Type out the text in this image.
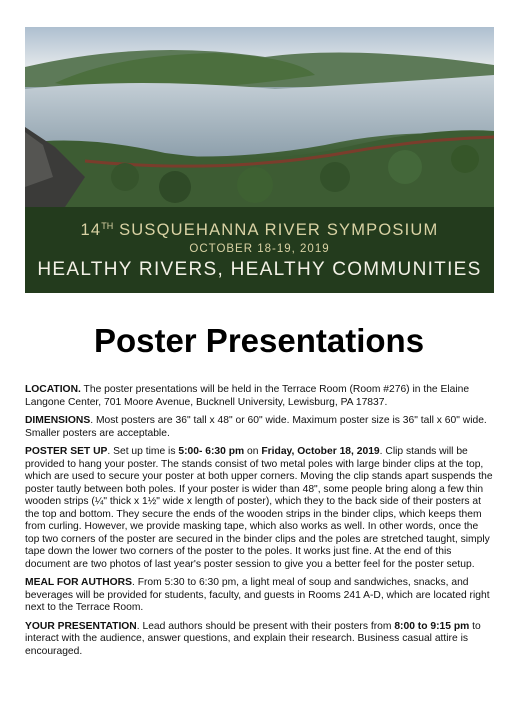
14TH SUSQUEHANNA RIVER SYMPOSIUM
OCTOBER 18-19, 2019
HEALTHY RIVERS, HEALTHY COMMUNITIES
Poster Presentations

LOCATION. The poster presentations will be held in the Terrace Room (Room #276) in the Elaine Langone Center, 701 Moore Avenue, Bucknell University, Lewisburg, PA 17837.

DIMENSIONS. Most posters are 36" tall x 48" or 60" wide. Maximum poster size is 36" tall x 60" wide. Smaller posters are acceptable.

POSTER SET UP. Set up time is 5:00- 6:30 pm on Friday, October 18, 2019. Clip stands will be provided to hang your poster. The stands consist of two metal poles with large binder clips at the top, which are used to secure your poster at both upper corners. Moving the clip stands apart suspends the poster tautly between both poles. If your poster is wider than 48", some people bring along a few thin wooden strips (¼" thick x 1½" wide x length of poster), which they to the back side of their posters at the top and bottom. They secure the ends of the wooden strips in the binder clips, which keeps them from curling. However, we provide masking tape, which also works as well. In other words, once the top two corners of the poster are secured in the binder clips and the poles are stretched taught, simply tape down the lower two corners of the poster to the poles. It works just fine. At the end of this document are two photos of last year's poster session to give you a better feel for the poster setup.

MEAL FOR AUTHORS. From 5:30 to 6:30 pm, a light meal of soup and sandwiches, snacks, and beverages will be provided for students, faculty, and guests in Rooms 241 A-D, which are located right next to the Terrace Room.

YOUR PRESENTATION. Lead authors should be present with their posters from 8:00 to 9:15 pm to interact with the audience, answer questions, and explain their research. Business casual attire is encouraged.
